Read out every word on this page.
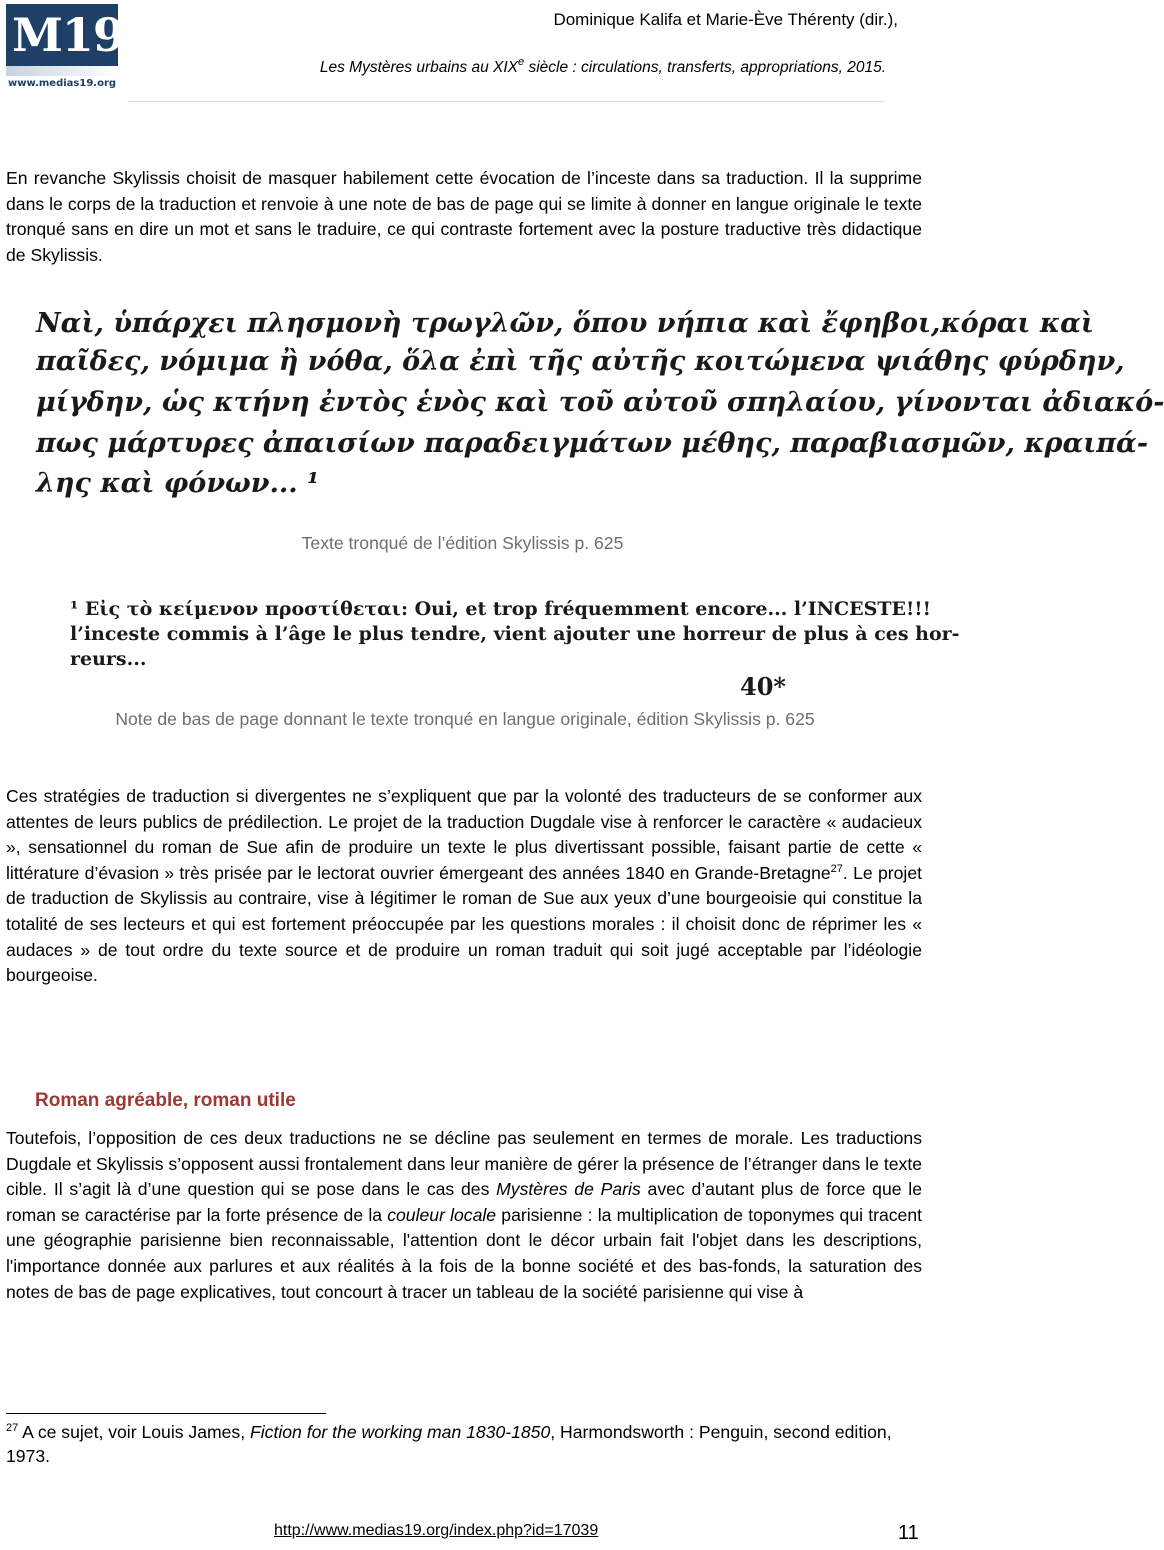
M19
www.medias19.org
Dominique Kalifa et Marie-Ève Thérenty (dir.),
Les Mystères urbains au XIXe siècle : circulations, transferts, appropriations, 2015.
En revanche Skylissis choisit de masquer habilement cette évocation de l’inceste dans sa traduction. Il la supprime dans le corps de la traduction et renvoie à une note de bas de page qui se limite à donner en langue originale le texte tronqué sans en dire un mot et sans le traduire, ce qui contraste fortement avec la posture traductive très didactique de Skylissis.
Ναὶ, ὑπάρχει πλησμονὴ τρωγλῶν, ὅπου νήπια καὶ ἔφηβοι,κόραι καὶ
παῖδες, νόμιμα ἢ νόθα, ὅλα ἐπὶ τῆς αὐτῆς κοιτώμενα ψιάθης φύρδην,
μίγδην, ὡς κτήνη ἐντὸς ἑνὸς καὶ τοῦ αὐτοῦ σπηλαίου, γίνονται ἀδιακό-
πως μάρτυρες ἀπαισίων παραδειγμάτων μέθης, παραβιασμῶν, κραιπά-
λης καὶ φόνων... ¹
Texte tronqué de l’édition Skylissis p. 625
¹ Εἰς τὸ κείμενον προστίθεται: Oui, et trop fréquemment encore... l’INCESTE!!!
l’inceste commis à l’âge le plus tendre, vient ajouter une horreur de plus à ces hor-
reurs...
40*
Note de bas de page donnant le texte tronqué en langue originale, édition Skylissis p. 625
Ces stratégies de traduction si divergentes ne s’expliquent que par la volonté des traducteurs de se conformer aux attentes de leurs publics de prédilection. Le projet de la traduction Dugdale vise à renforcer le caractère « audacieux », sensationnel du roman de Sue afin de produire un texte le plus divertissant possible, faisant partie de cette « littérature d’évasion » très prisée par le lectorat ouvrier émergeant des années 1840 en Grande-Bretagne$^{27}$. Le projet de traduction de Skylissis au contraire, vise à légitimer le roman de Sue aux yeux d’une bourgeoisie qui constitue la totalité de ses lecteurs et qui est fortement préoccupée par les questions morales : il choisit donc de réprimer les « audaces » de tout ordre du texte source et de produire un roman traduit qui soit jugé acceptable par l’idéologie bourgeoise.
Roman agréable, roman utile
Toutefois, l’opposition de ces deux traductions ne se décline pas seulement en termes de morale. Les traductions Dugdale et Skylissis s’opposent aussi frontalement dans leur manière de gérer la présence de l’étranger dans le texte cible. Il s’agit là d’une question qui se pose dans le cas des Mystères de Paris avec d’autant plus de force que le roman se caractérise par la forte présence de la couleur locale parisienne : la multiplication de toponymes qui tracent une géographie parisienne bien reconnaissable, l'attention dont le décor urbain fait l'objet dans les descriptions, l'importance donnée aux parlures et aux réalités à la fois de la bonne société et des bas-fonds, la saturation des notes de bas de page explicatives, tout concourt à tracer un tableau de la société parisienne qui vise à
$^{27}$ A ce sujet, voir Louis James, Fiction for the working man 1830-1850, Harmondsworth : Penguin, second edition, 1973.
http://www.medias19.org/index.php?id=17039	11
